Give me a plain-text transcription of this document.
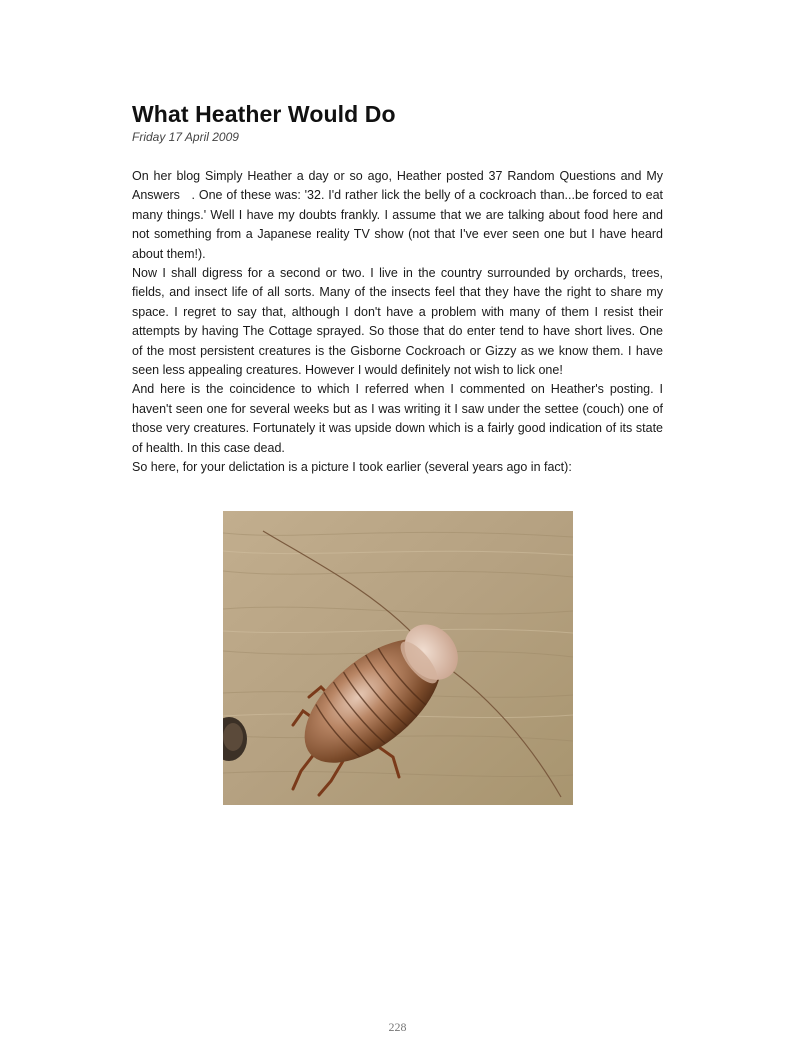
What Heather Would Do
Friday 17 April 2009

On her blog Simply Heather a day or so ago, Heather posted 37 Random Questions and My Answers   . One of these was: '32. I'd rather lick the belly of a cockroach than...be forced to eat many things.' Well I have my doubts frankly. I assume that we are talking about food here and not something from a Japanese reality TV show (not that I've ever seen one but I have heard about them!).

Now I shall digress for a second or two. I live in the country surrounded by orchards, trees, fields, and insect life of all sorts. Many of the insects feel that they have the right to share my space. I regret to say that, although I don't have a problem with many of them I resist their attempts by having The Cottage sprayed. So those that do enter tend to have short lives. One of the most persistent creatures is the Gisborne Cockroach or Gizzy as we know them. I have seen less appealing creatures. However I would definitely not wish to lick one!

And here is the coincidence to which I referred when I commented on Heather's posting. I haven't seen one for several weeks but as I was writing it I saw under the settee (couch) one of those very creatures. Fortunately it was upside down which is a fairly good indication of its state of health. In this case dead.

So here, for your delictation is a picture I took earlier (several years ago in fact):

228
